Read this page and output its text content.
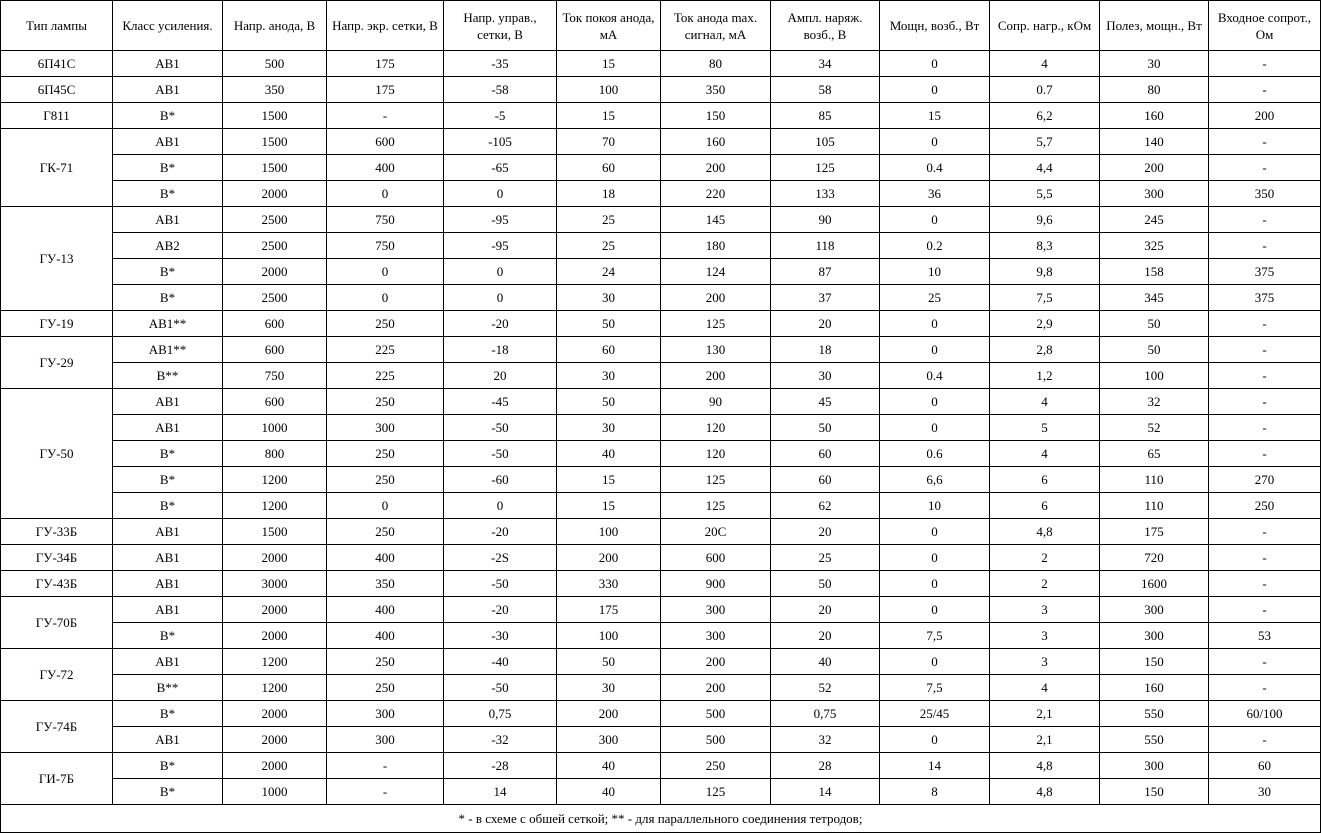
Тип лампы	Класс усиления.	Напр. анода, В	Напр. экр. сетки, В	Напр. управ., сетки, В	Ток покоя анода, мА	Ток анода max. сигнал, мА	Ампл. наряж. возб., В	Мощн, возб., Вт	Сопр. нагр., кОм	Полез, мощн., Вт	Входное сопрот., Ом
6П41С	АВ1	500	175	-35	15	80	34	0	4	30	-
6П45С	АВ1	350	175	-58	100	350	58	0	0.7	80	-
Г811	В*	1500	-	-5	15	150	85	15	6,2	160	200
ГК-71	АВ1	1500	600	-105	70	160	105	0	5,7	140	-
	В*	1500	400	-65	60	200	125	0.4	4,4	200	-
	В*	2000	0	0	18	220	133	36	5,5	300	350
ГУ-13	АВ1	2500	750	-95	25	145	90	0	9,6	245	-
	АВ2	2500	750	-95	25	180	118	0.2	8,3	325	-
	В*	2000	0	0	24	124	87	10	9,8	158	375
	В*	2500	0	0	30	200	37	25	7,5	345	375
ГУ-19	АВ1**	600	250	-20	50	125	20	0	2,9	50	-
ГУ-29	АВ1**	600	225	-18	60	130	18	0	2,8	50	-
	В**	750	225	20	30	200	30	0.4	1,2	100	-
ГУ-50	АВ1	600	250	-45	50	90	45	0	4	32	-
	АВ1	1000	300	-50	30	120	50	0	5	52	-
	В*	800	250	-50	40	120	60	0.6	4	65	-
	В*	1200	250	-60	15	125	60	6,6	6	110	270
	В*	1200	0	0	15	125	62	10	6	110	250
ГУ-33Б	АВ1	1500	250	-20	100	20С	20	0	4,8	175	-
ГУ-34Б	АВ1	2000	400	-2S	200	600	25	0	2	720	-
ГУ-43Б	АВ1	3000	350	-50	330	900	50	0	2	1600	-
ГУ-70Б	АВ1	2000	400	-20	175	300	20	0	3	300	-
	В*	2000	400	-30	100	300	20	7,5	3	300	53
ГУ-72	АВ1	1200	250	-40	50	200	40	0	3	150	-
	В**	1200	250	-50	30	200	52	7,5	4	160	-
ГУ-74Б	В*	2000	300	0,75	200	500	0,75	25/45	2,1	550	60/100
	АВ1	2000	300	-32	300	500	32	0	2,1	550	-
ГИ-7Б	В*	2000	-	-28	40	250	28	14	4,8	300	60
	В*	1000	-	14	40	125	14	8	4,8	150	30
* - в схеме с обшей сеткой; ** - для параллельного соединения тетродов;											
